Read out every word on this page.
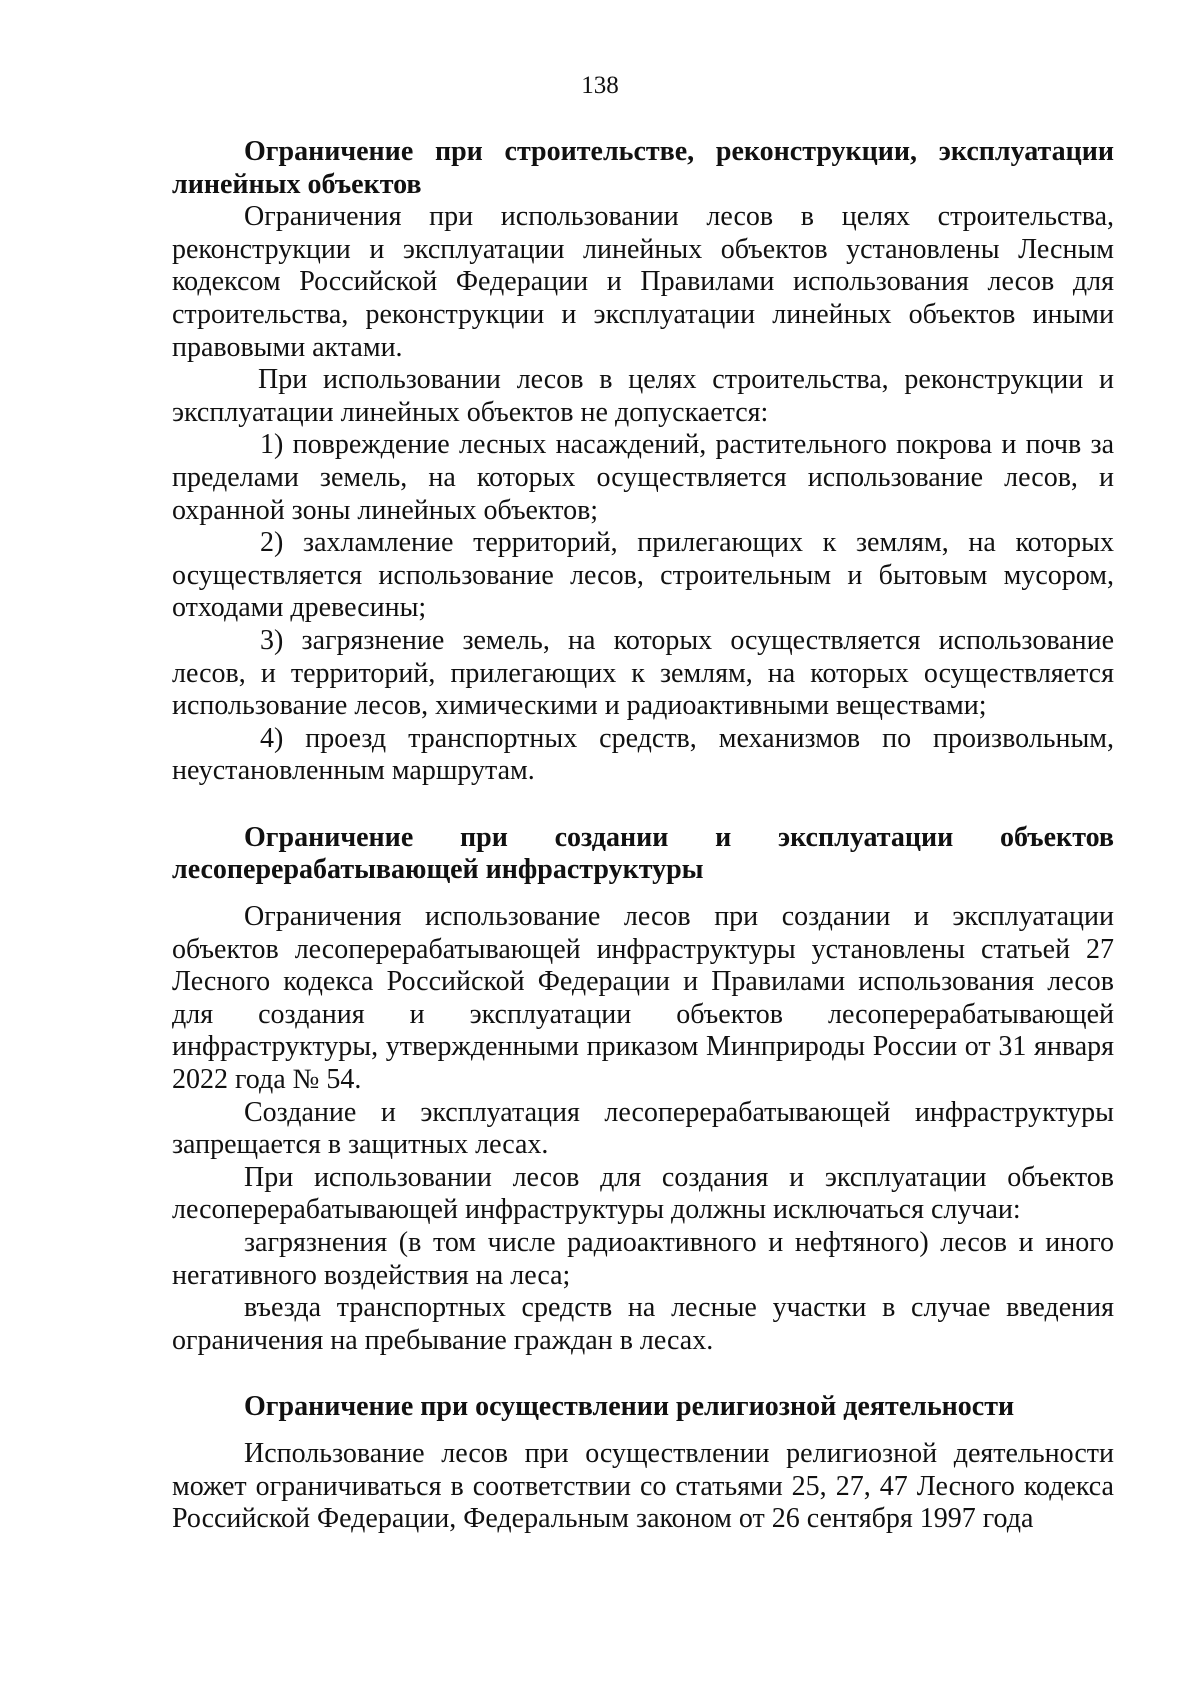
138
Ограничение при строительстве, реконструкции, эксплуатации линейных объектов

Ограничения при использовании лесов в целях строительства, реконструкции и эксплуатации линейных объектов установлены Лесным кодексом Российской Федерации и Правилами использования лесов для строительства, реконструкции и эксплуатации линейных объектов иными правовыми актами.

При использовании лесов в целях строительства, реконструкции и эксплуатации линейных объектов не допускается:

1) повреждение лесных насаждений, растительного покрова и почв за пределами земель, на которых осуществляется использование лесов, и охранной зоны линейных объектов;
2) захламление территорий, прилегающих к землям, на которых осуществляется использование лесов, строительным и бытовым мусором, отходами древесины;
3) загрязнение земель, на которых осуществляется использование лесов, и территорий, прилегающих к землям, на которых осуществляется использование лесов, химическими и радиоактивными веществами;
4) проезд транспортных средств, механизмов по произвольным, неустановленным маршрутам.
Ограничение при создании и эксплуатации объектов лесоперерабатывающей инфраструктуры

Ограничения использование лесов при создании и эксплуатации объектов лесоперерабатывающей инфраструктуры установлены статьей 27 Лесного кодекса Российской Федерации и Правилами использования лесов для создания и эксплуатации объектов лесоперерабатывающей инфраструктуры, утвержденными приказом Минприроды России от 31 января 2022 года № 54.

Создание и эксплуатация лесоперерабатывающей инфраструктуры запрещается в защитных лесах.

При использовании лесов для создания и эксплуатации объектов лесоперерабатывающей инфраструктуры должны исключаться случаи:

загрязнения (в том числе радиоактивного и нефтяного) лесов и иного негативного воздействия на леса;

въезда транспортных средств на лесные участки в случае введения ограничения на пребывание граждан в лесах.

Ограничение при осуществлении религиозной деятельности

Использование лесов при осуществлении религиозной деятельности может ограничиваться в соответствии со статьями 25, 27, 47 Лесного кодекса Российской Федерации, Федеральным законом от 26 сентября 1997 года
